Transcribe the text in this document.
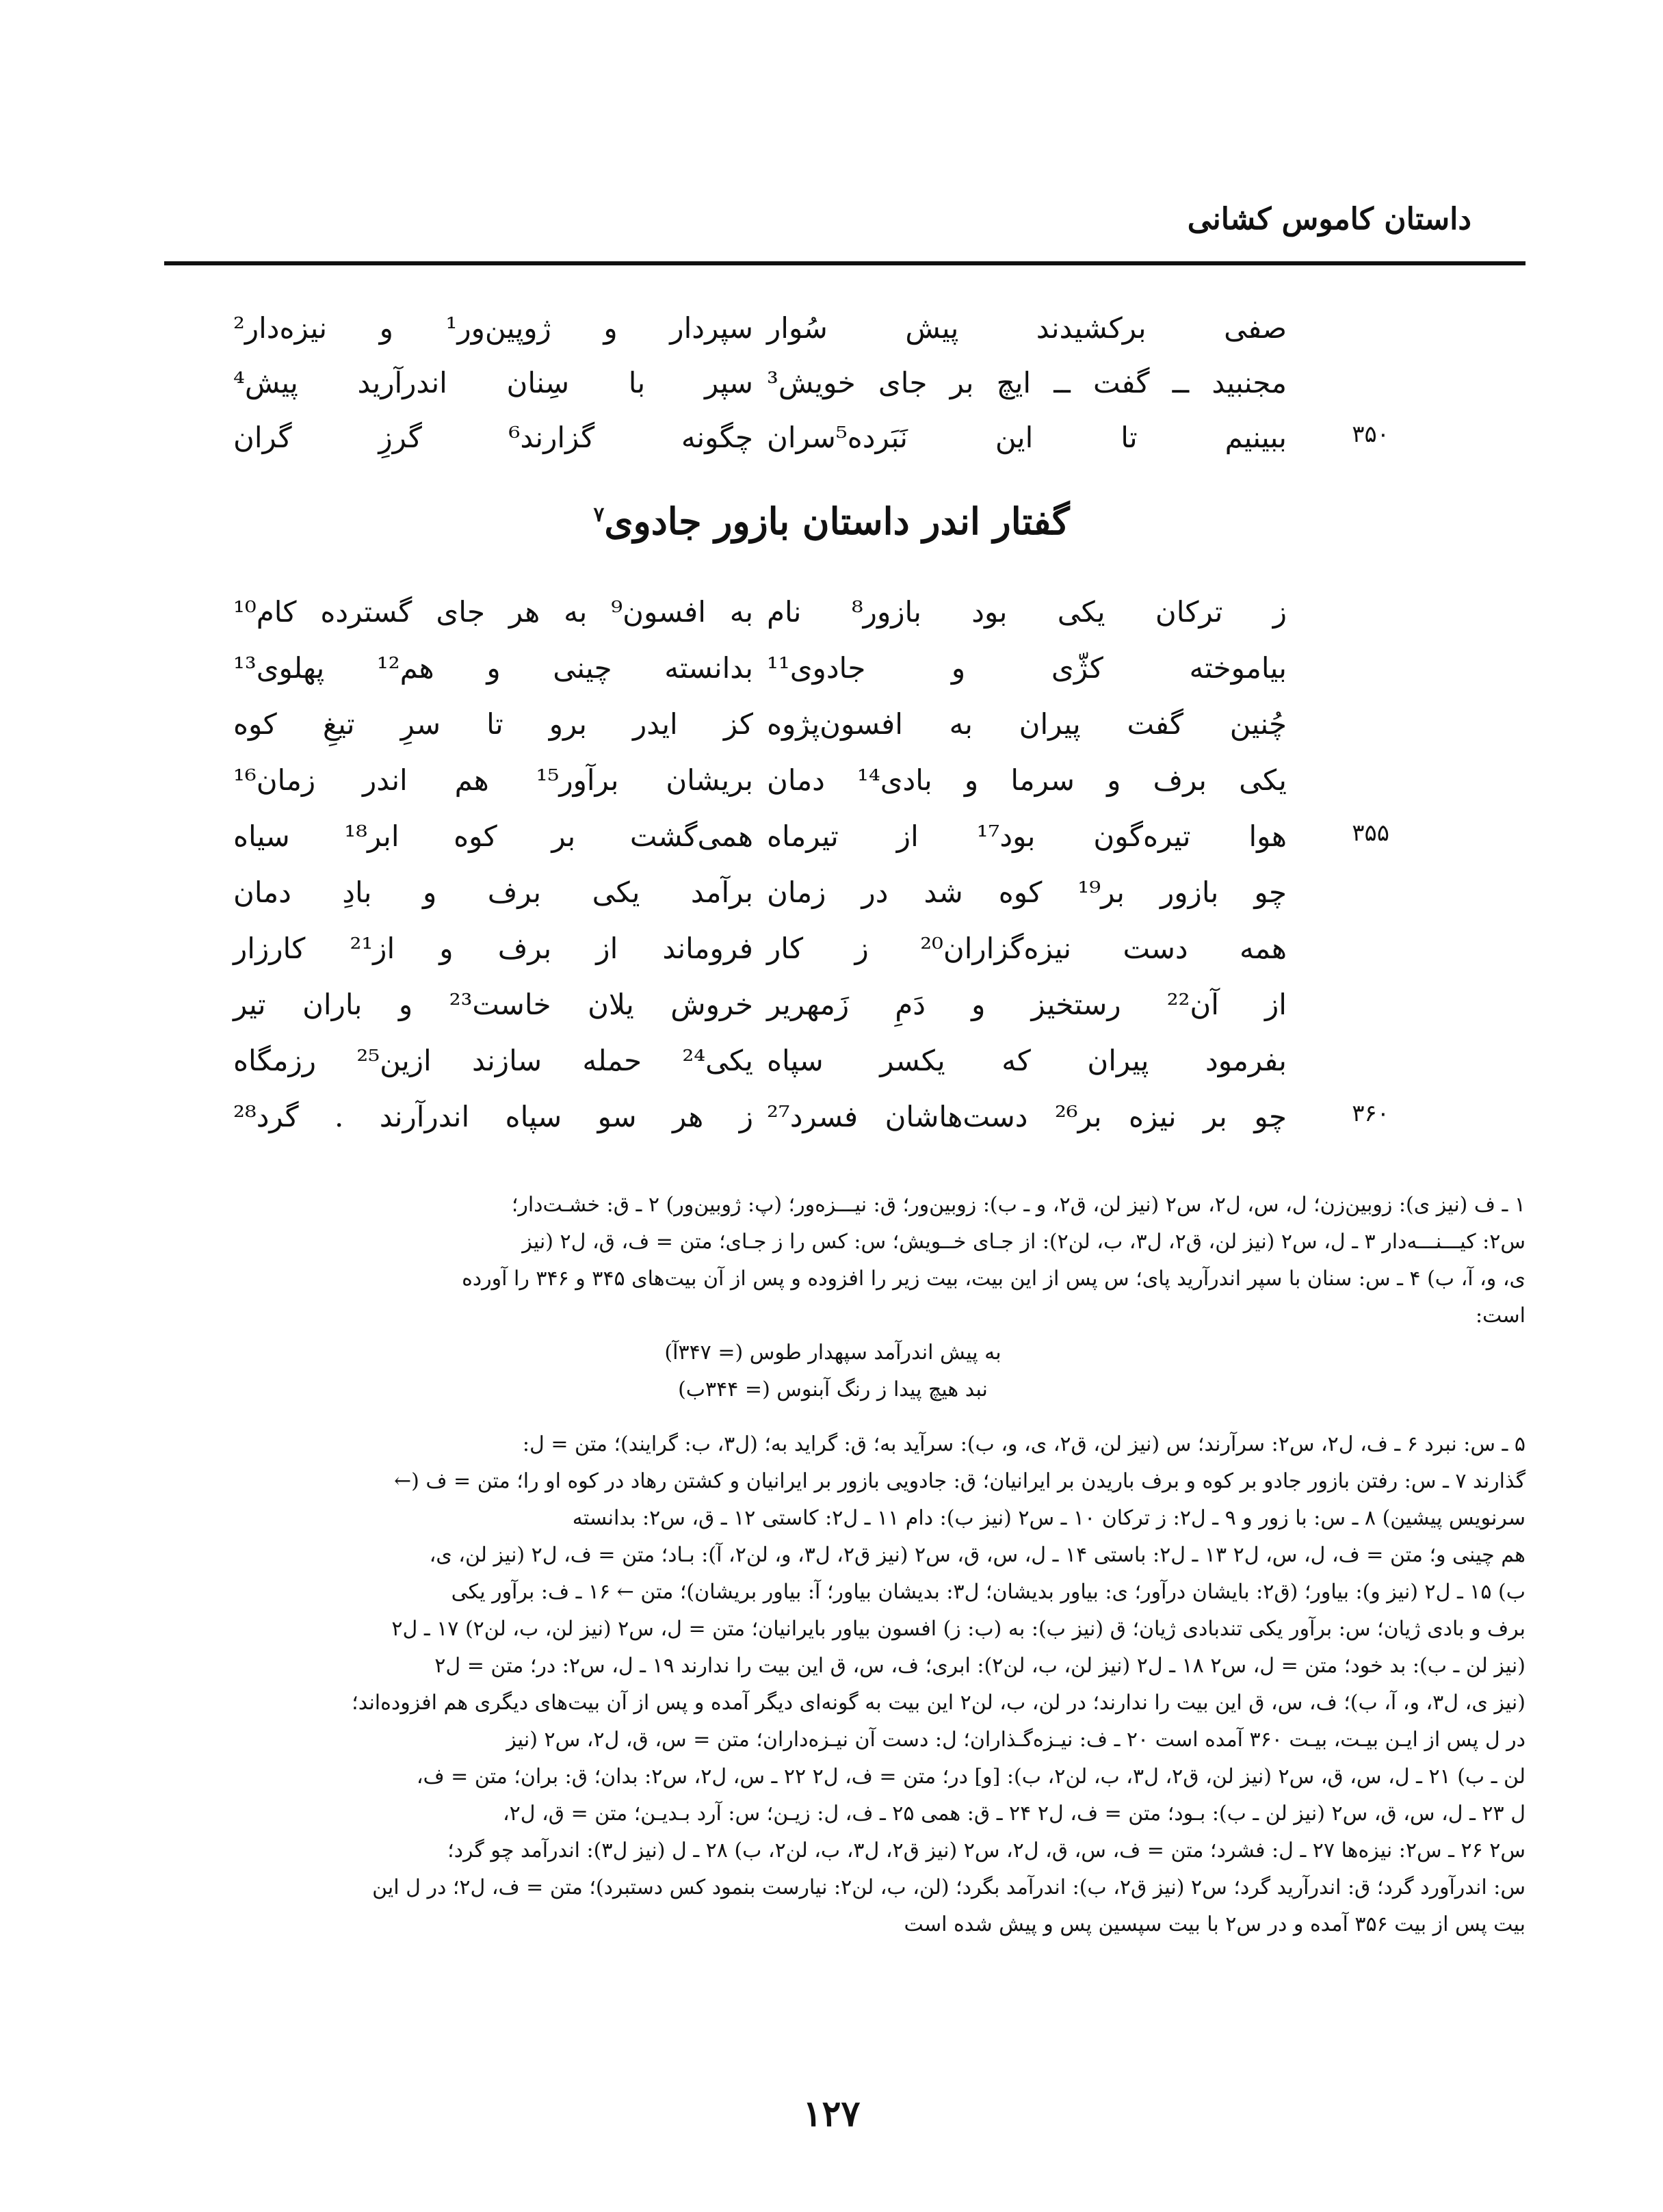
داستان کاموس کشانی
صفی برکشیدند پیش سُوار
سپردار و ژوپین‌ور¹ و نیزه‌دار²
مجنبید ــ گفت ــ ایچ بر جای خویش³
سپر با سِنان اندرآرید پیش⁴
۳۵۰
ببینیم تا این نَبَرده⁵سران
چگونه گزارند⁶ گرزِ گران
گفتار اندر داستان بازور جادوی$^۷$
ز ترکان یکی بود بازور⁸ نام
به افسون⁹ به هر جای گسترده کام¹⁰
بیاموخته کژّی و جادوی¹¹
بدانسته چینی و هم¹² پهلوی¹³
چُنین گفت پیران به افسون‌پژوه
کز ایدر برو تا سرِ تیغِ کوه
یکی برف و سرما و بادی¹⁴ دمان
بریشان برآور¹⁵ هم اندر زمان¹⁶
۳۵۵
هوا تیره‌گون بود¹⁷ از تیرماه
همی‌گشت بر کوه ابر¹⁸ سیاه
چو بازور بر¹⁹ کوه شد در زمان
برآمد یکی برف و بادِ دمان
همه دست نیزه‌گزاران²⁰ ز کار
فروماند از برف و از²¹ کارزار
از آن²² رستخیز و دَمِ زَمهریر
خروش یلان خاست²³ و باران تیر
بفرمود پیران که یکسر سپاه
یکی²⁴ حمله سازند ازین²⁵ رزمگاه
۳۶۰
چو بر نیزه بر²⁶ دست‌هاشان فسرد²⁷
ز هر سو سپاه اندرآرند . گرد²⁸
۱ ـ ف (نیز ی): زوبین‌زن؛ ل، س، ل۲، س۲ (نیز لن، ق۲، و ـ ب): زوبین‌ور؛ ق: نیـــزه‌ور؛ (پ: ژوبین‌ور) ۲ ـ ق: خشـت‌دار؛
س۲: کیـــنـــه‌دار ۳ ـ ل، س۲ (نیز لن، ق۲، ل۳، ب، لن۲): از جـای خــویش؛ س: کس را ز جـای؛ متن = ف، ق، ل۲ (نیز
ی، و، آ، ب) ۴ ـ س: سنان با سپر اندرآرید پای؛ س پس از این بیت، بیت زیر را افزوده و پس از آن بیت‌های ۳۴۵ و ۳۴۶ را آورده
است:
به پیش اندرآمد سپهدار طوس (= ۳۴۷آ)
نبد هیچ پیدا ز رنگ آبنوس (= ۳۴۴ب)
۵ ـ س: نبرد ۶ ـ ف، ل۲، س۲: سرآرند؛ س (نیز لن، ق۲، ی، و، ب): سرآید به؛ ق: گراید به؛ (ل۳، ب: گرایند)؛ متن = ل:
گذارند ۷ ـ س: رفتن بازور جادو بر کوه و برف باریدن بر ایرانیان؛ ق: جادویی بازور بر ایرانیان و کشتن رهاد در کوه او را؛ متن = ف (←
سرنویس پیشین) ۸ ـ س: با زور و ۹ ـ ل۲: ز ترکان ۱۰ ـ س۲ (نیز ب): دام ۱۱ ـ ل۲: کاستی ۱۲ ـ ق، س۲: بدانسته
هم چینی و؛ متن = ف، ل، س، ل۲ ۱۳ ـ ل۲: باستی ۱۴ ـ ل، س، ق، س۲ (نیز ق۲، ل۳، و، لن۲، آ): بـاد؛ متن = ف، ل۲ (نیز لن، ی،
ب) ۱۵ ـ ل۲ (نیز و): بیاور؛ (ق۲: بایشان درآور؛ ی: بیاور بدیشان؛ ل۳: بدیشان بیاور؛ آ: بیاور بریشان)؛ متن ← ۱۶ ـ ف: برآور یکی
برف و بادی ژیان؛ س: برآور یکی تندبادی ژیان؛ ق (نیز ب): به (ب: ز) افسون بیاور بایرانیان؛ متن = ل، س۲ (نیز لن، ب، لن۲) ۱۷ ـ ل۲
(نیز لن ـ ب): بد خود؛ متن = ل، س۲ ۱۸ ـ ل۲ (نیز لن، ب، لن۲): ابری؛ ف، س، ق این بیت را ندارند ۱۹ ـ ل، س۲: در؛ متن = ل۲
(نیز ی، ل۳، و، آ، ب)؛ ف، س، ق این بیت را ندارند؛ در لن، ب، لن۲ این بیت به گونه‌ای دیگر آمده و پس از آن بیت‌های دیگری هم افزوده‌اند؛
در ل پس از ایـن بیـت، بیـت ۳۶۰ آمده است ۲۰ ـ ف: نیـزه‌گـذاران؛ ل: دست آن نیـزه‌داران؛ متن = س، ق، ل۲، س۲ (نیز
لن ـ ب) ۲۱ ـ ل، س، ق، س۲ (نیز لن، ق۲، ل۳، ب، لن۲، ب): [و] در؛ متن = ف، ل۲ ۲۲ ـ س، ل۲، س۲: بدان؛ ق: بران؛ متن = ف،
ل ۲۳ ـ ل، س، ق، س۲ (نیز لن ـ ب): بـود؛ متن = ف، ل۲ ۲۴ ـ ق: همی ۲۵ ـ ف، ل: زیـن؛ س: آرد بـدیـن؛ متن = ق، ل۲،
س۲ ۲۶ ـ س۲: نیزه‌ها ۲۷ ـ ل: فشرد؛ متن = ف، س، ق، ل۲، س۲ (نیز ق۲، ل۳، ب، لن۲، ب) ۲۸ ـ ل (نیز ل۳): اندرآمد چو گرد؛
س: اندرآورد گرد؛ ق: اندرآرید گرد؛ س۲ (نیز ق۲، ب): اندرآمد بگرد؛ (لن، ب، لن۲: نیارست بنمود کس دستبرد)؛ متن = ف، ل۲؛ در ل این
بیت پس از بیت ۳۵۶ آمده و در س۲ با بیت سپسین پس و پیش شده است
۱۲۷
